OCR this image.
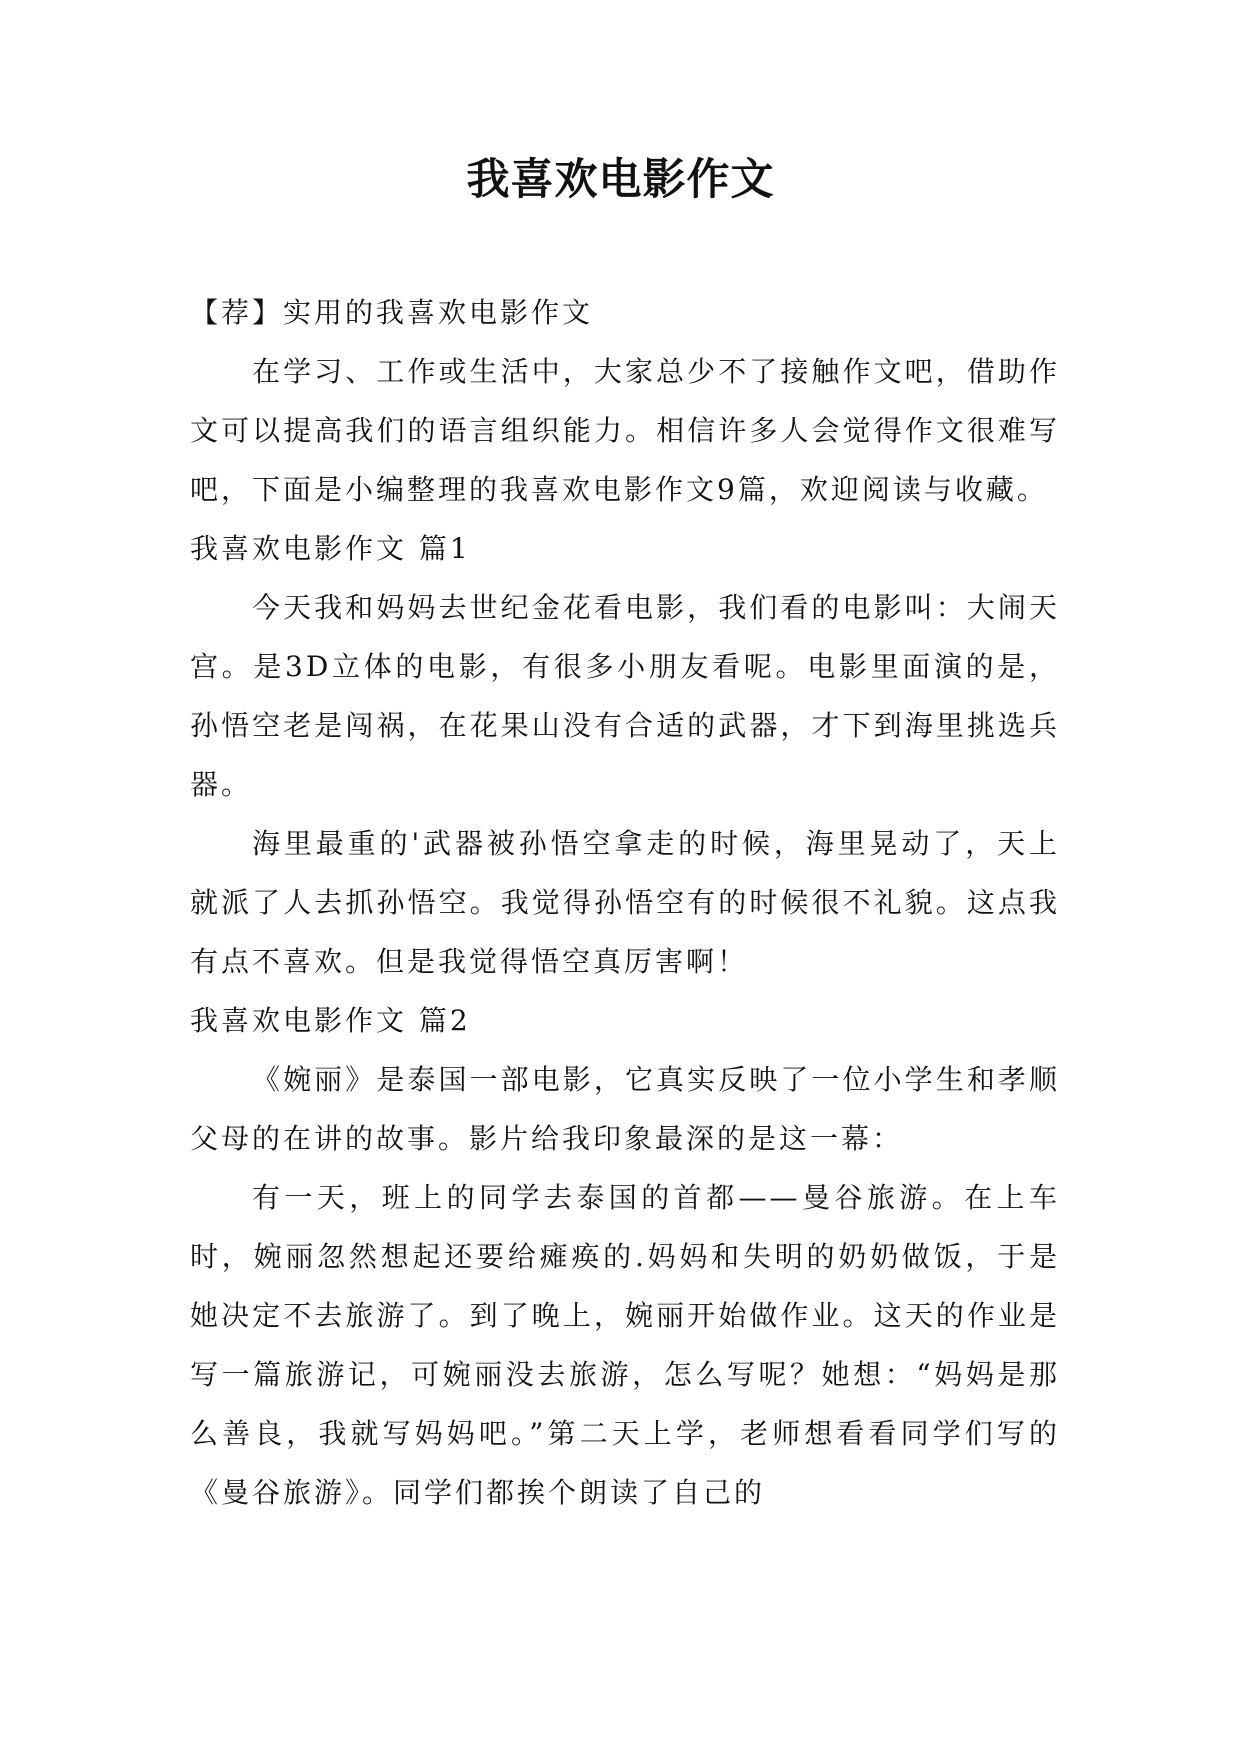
我喜欢电影作文
【荐】实用的我喜欢电影作文

在学习、工作或生活中，大家总少不了接触作文吧，借助作文可以提高我们的语言组织能力。相信许多人会觉得作文很难写吧，下面是小编整理的我喜欢电影作文9篇，欢迎阅读与收藏。

我喜欢电影作文 篇1

今天我和妈妈去世纪金花看电影，我们看的电影叫：大闹天宫。是3D立体的电影，有很多小朋友看呢。电影里面演的是，孙悟空老是闯祸，在花果山没有合适的武器，才下到海里挑选兵器。

海里最重的'武器被孙悟空拿走的时候，海里晃动了，天上就派了人去抓孙悟空。我觉得孙悟空有的时候很不礼貌。这点我有点不喜欢。但是我觉得悟空真厉害啊！

我喜欢电影作文 篇2

《婉丽》是泰国一部电影，它真实反映了一位小学生和孝顺父母的在讲的故事。影片给我印象最深的是这一幕：

有一天，班上的同学去泰国的首都——曼谷旅游。在上车时，婉丽忽然想起还要给瘫痪的.妈妈和失明的奶奶做饭，于是她决定不去旅游了。到了晚上，婉丽开始做作业。这天的作业是写一篇旅游记，可婉丽没去旅游，怎么写呢？她想：“妈妈是那么善良，我就写妈妈吧。”第二天上学，老师想看看同学们写的《曼谷旅游》。同学们都挨个朗读了自己的
